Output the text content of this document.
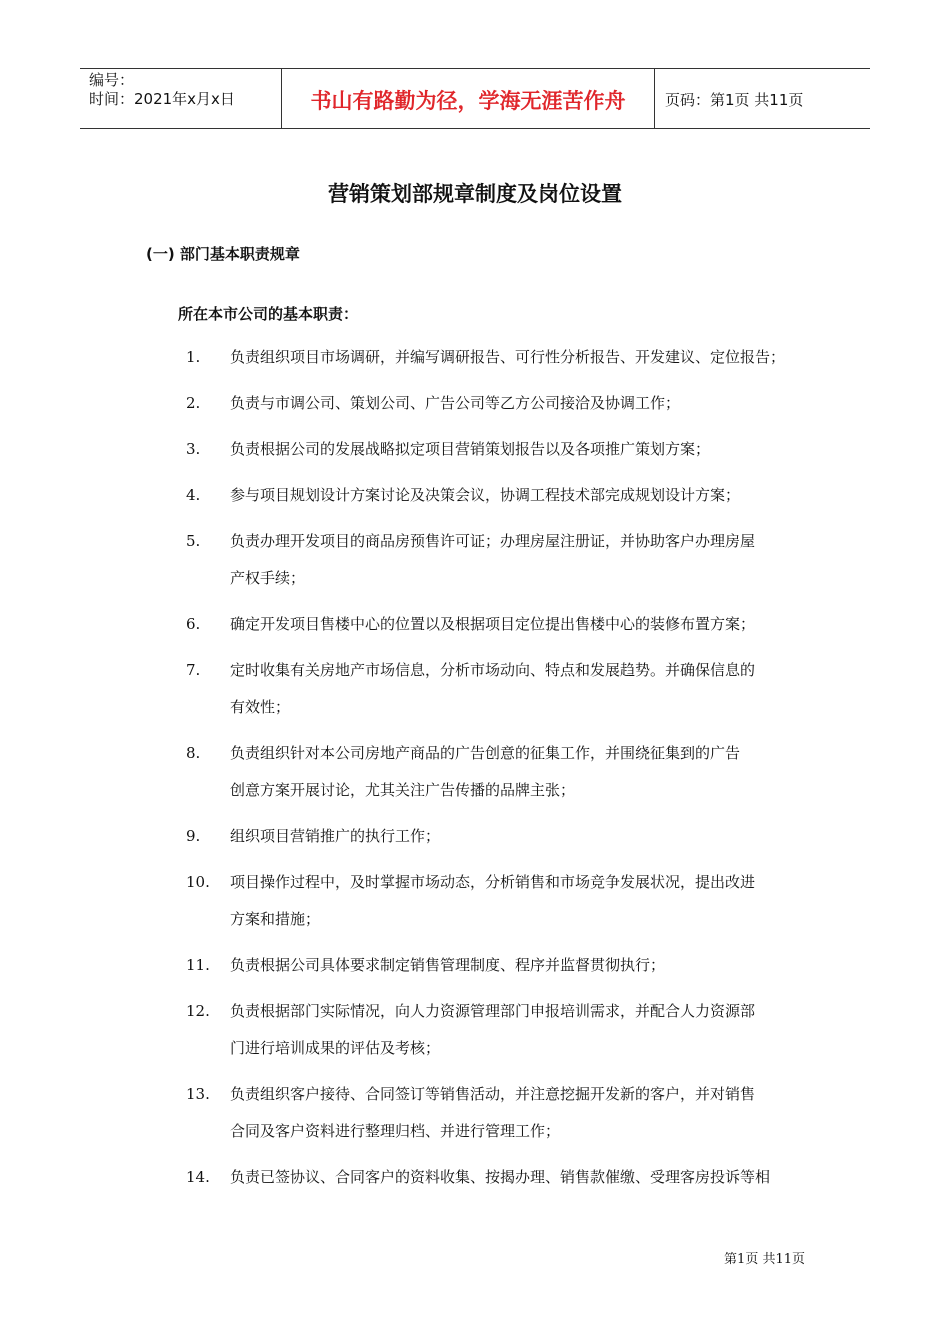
编号：
时间：2021年x月x日	书山有路勤为径，学海无涯苦作舟	页码：第1页 共11页
营销策划部规章制度及岗位设置
(一) 部门基本职责规章
所在本市公司的基本职责：
1. 负责组织项目市场调研，并编写调研报告、可行性分析报告、开发建议、定位报告；
2. 负责与市调公司、策划公司、广告公司等乙方公司接洽及协调工作；
3. 负责根据公司的发展战略拟定项目营销策划报告以及各项推广策划方案；
4. 参与项目规划设计方案讨论及决策会议，协调工程技术部完成规划设计方案；
5. 负责办理开发项目的商品房预售许可证；办理房屋注册证，并协助客户办理房屋
产权手续；
6. 确定开发项目售楼中心的位置以及根据项目定位提出售楼中心的装修布置方案；
7. 定时收集有关房地产市场信息，分析市场动向、特点和发展趋势。并确保信息的
有效性；
8. 负责组织针对本公司房地产商品的广告创意的征集工作，并围绕征集到的广告
创意方案开展讨论，尤其关注广告传播的品牌主张；
9. 组织项目营销推广的执行工作；
10. 项目操作过程中，及时掌握市场动态，分析销售和市场竞争发展状况，提出改进
方案和措施；
11. 负责根据公司具体要求制定销售管理制度、程序并监督贯彻执行；
12. 负责根据部门实际情况，向人力资源管理部门申报培训需求，并配合人力资源部
门进行培训成果的评估及考核；
13. 负责组织客户接待、合同签订等销售活动，并注意挖掘开发新的客户，并对销售
合同及客户资料进行整理归档、并进行管理工作；
14. 负责已签协议、合同客户的资料收集、按揭办理、销售款催缴、受理客房投诉等相
第1页 共11页
